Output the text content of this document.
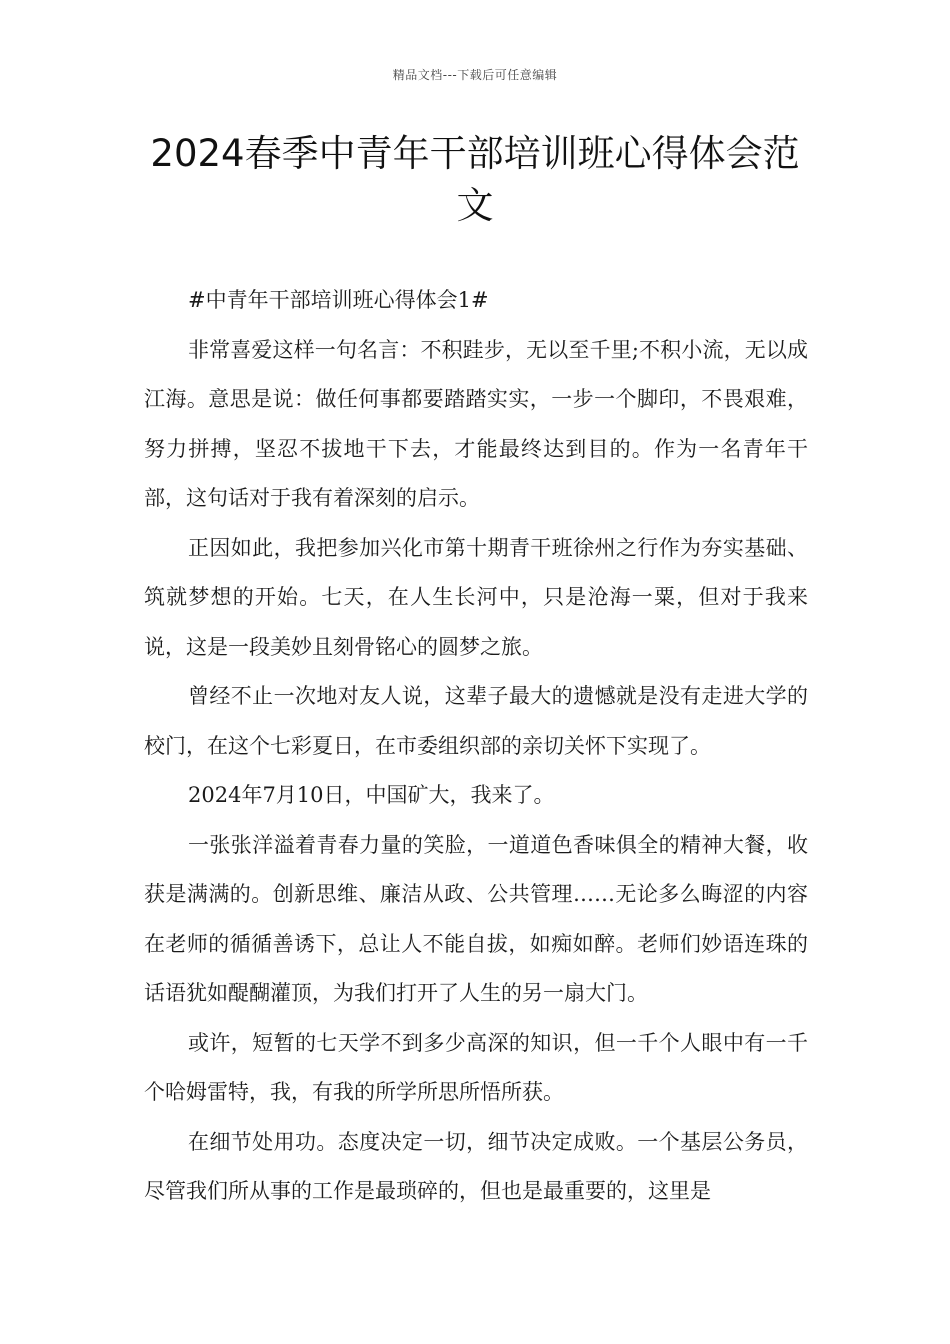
精品文档---下载后可任意编辑
2024春季中青年干部培训班心得体会范文

#中青年干部培训班心得体会1#

非常喜爱这样一句名言：不积跬步，无以至千里;不积小流，无以成江海。意思是说：做任何事都要踏踏实实，一步一个脚印，不畏艰难，努力拼搏，坚忍不拔地干下去，才能最终达到目的。作为一名青年干部，这句话对于我有着深刻的启示。

正因如此，我把参加兴化市第十期青干班徐州之行作为夯实基础、筑就梦想的开始。七天，在人生长河中，只是沧海一粟，但对于我来说，这是一段美妙且刻骨铭心的圆梦之旅。

曾经不止一次地对友人说，这辈子最大的遗憾就是没有走进大学的校门，在这个七彩夏日，在市委组织部的亲切关怀下实现了。

2024年7月10日，中国矿大，我来了。

一张张洋溢着青春力量的笑脸，一道道色香味俱全的精神大餐，收获是满满的。创新思维、廉洁从政、公共管理……无论多么晦涩的内容在老师的循循善诱下，总让人不能自拔，如痴如醉。老师们妙语连珠的话语犹如醍醐灌顶，为我们打开了人生的另一扇大门。

或许，短暂的七天学不到多少高深的知识，但一千个人眼中有一千个哈姆雷特，我，有我的所学所思所悟所获。

在细节处用功。态度决定一切，细节决定成败。一个基层公务员，尽管我们所从事的工作是最琐碎的，但也是最重要的，这里是
